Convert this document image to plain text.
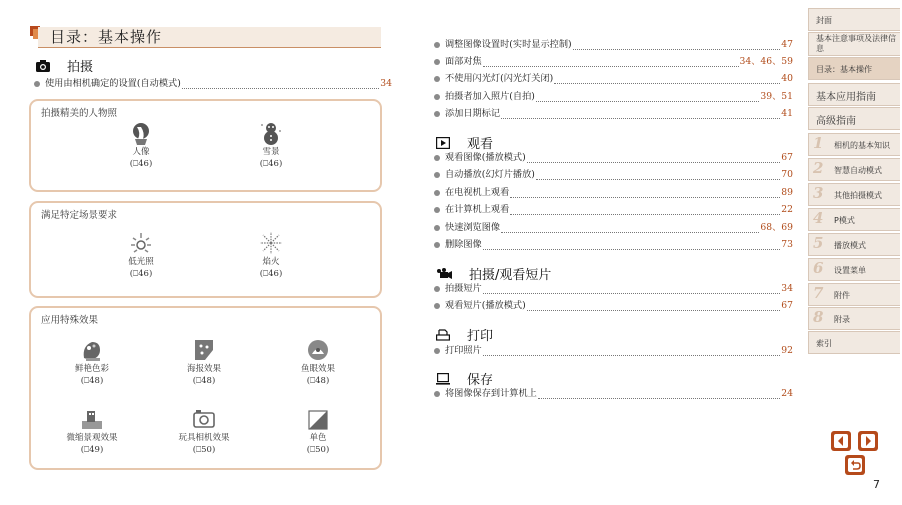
目录：基本操作
拍摄
使用由相机确定的设置(自动模式)	34
拍摄精美的人物照
人像
(⎕46)
雪景
(⎕46)
满足特定场景要求
低光照
(⎕46)
焰火
(⎕46)
应用特殊效果
鲜艳色彩
(⎕48)
海报效果
(⎕48)
鱼眼效果
(⎕48)
微缩景观效果
(⎕49)
玩具相机效果
(⎕50)
单色
(⎕50)
观看
拍摄/观看短片
打印
保存
封面
基本注意事项及法律信息
目录：基本操作
基本应用指南
高级指南
索引
7
调整图像设置时(实时显示控制)	47
面部对焦	34、46、59
不使用闪光灯(闪光灯关闭)	40
拍摄者加入照片(自拍)	39、51
添加日期标记	41
观看图像(播放模式)	67
自动播放(幻灯片播放)	70
在电视机上观看	89
在计算机上观看	22
快速浏览图像	68、69
删除图像	73
拍摄短片	34
观看短片(播放模式)	67
打印照片	92
将图像保存到计算机上	24
1 相机的基本知识
2 智慧自动模式
3 其他拍摄模式
4 P模式
5 播放模式
6 设置菜单
7 附件
8 附录
